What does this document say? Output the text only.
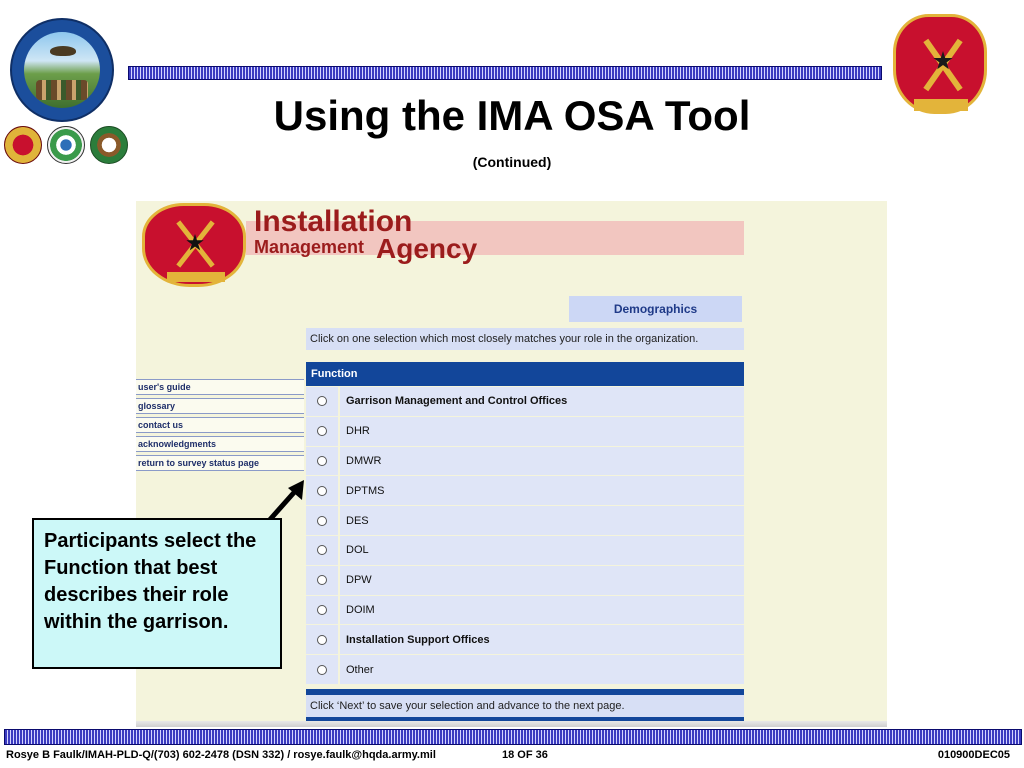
Using the IMA OSA Tool
(Continued)
Installation
Management Agency
Demographics
Click on one selection which most closely matches your role in the organization.
user's guide
glossary
contact us
acknowledgments
return to survey status page
Function
Garrison Management and Control Offices
DHR
DMWR
DPTMS
DES
DOL
DPW
DOIM
Installation Support Offices
Other
Click ‘Next’ to save your selection and advance to the next page.
Participants select the Function that best describes their role within the garrison.
Rosye B Faulk/IMAH-PLD-Q/(703) 602-2478 (DSN 332) / rosye.faulk@hqda.army.mil	18 OF 36	010900DEC05
